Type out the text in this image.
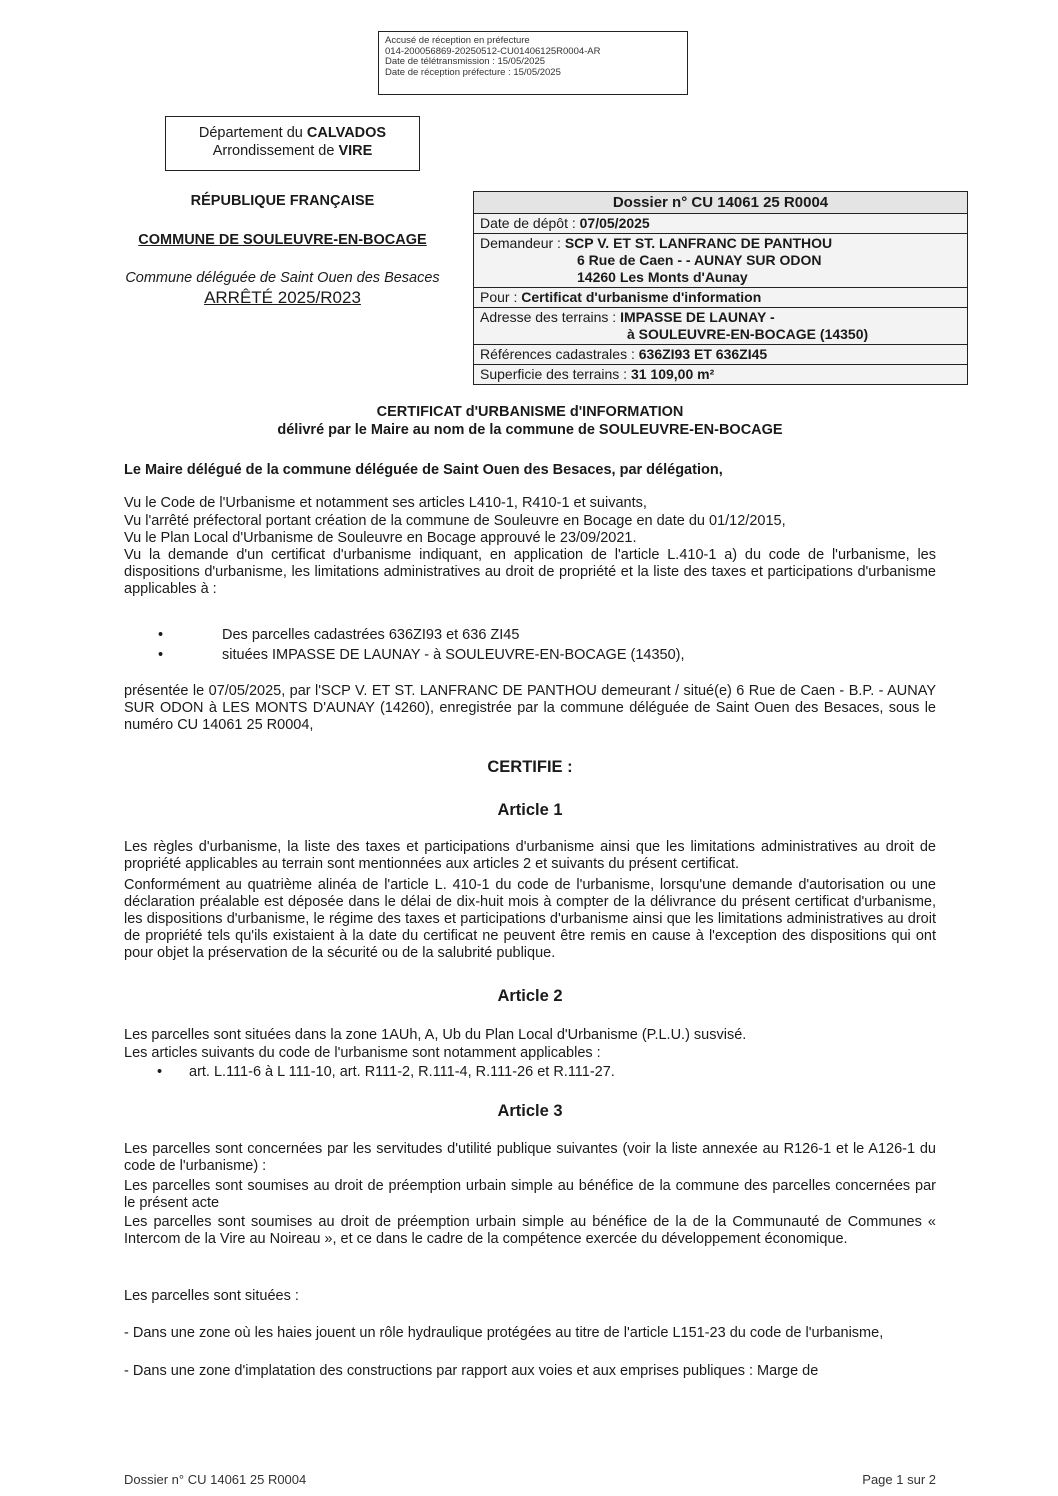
Accusé de réception en préfecture
014-200056869-20250512-CU01406125R0004-AR
Date de télétransmission : 15/05/2025
Date de réception préfecture : 15/05/2025
Département du CALVADOS
Arrondissement de VIRE
RÉPUBLIQUE FRANÇAISE
COMMUNE DE SOULEUVRE-EN-BOCAGE
Commune déléguée de Saint Ouen des Besaces
ARRÊTÉ 2025/R023
Dossier n° CU 14061 25 R0004
Date de dépôt : 07/05/2025
Demandeur : SCP V. ET ST. LANFRANC DE PANTHOU
6 Rue de Caen - - AUNAY SUR ODON
14260 Les Monts d'Aunay
Pour : Certificat d'urbanisme d'information
Adresse des terrains : IMPASSE DE LAUNAY -
à SOULEUVRE-EN-BOCAGE (14350)
Références cadastrales : 636ZI93 ET 636ZI45
Superficie des terrains : 31 109,00 m²
CERTIFICAT d'URBANISME d'INFORMATION
délivré par le Maire au nom de la commune de SOULEUVRE-EN-BOCAGE
Le Maire délégué de la commune déléguée de Saint Ouen des Besaces, par délégation,
Vu le Code de l'Urbanisme et notamment ses articles L410-1, R410-1 et suivants,
Vu l'arrêté préfectoral portant création de la commune de Souleuvre en Bocage en date du 01/12/2015,
Vu le Plan Local d'Urbanisme de Souleuvre en Bocage approuvé le 23/09/2021.
Vu la demande d'un certificat d'urbanisme indiquant, en application de l'article L.410-1 a) du code de l'urbanisme, les dispositions d'urbanisme, les limitations administratives au droit de propriété et la liste des taxes et participations d'urbanisme applicables à :
•	Des parcelles cadastrées 636ZI93 et 636 ZI45
•	situées IMPASSE DE LAUNAY - à SOULEUVRE-EN-BOCAGE (14350),
présentée le 07/05/2025, par l'SCP V. ET ST. LANFRANC DE PANTHOU demeurant / situé(e) 6 Rue de Caen - B.P. - AUNAY SUR ODON à LES MONTS D'AUNAY (14260), enregistrée par la commune déléguée de Saint Ouen des Besaces, sous le numéro CU 14061 25 R0004,
CERTIFIE :
Article 1
Les règles d'urbanisme, la liste des taxes et participations d'urbanisme ainsi que les limitations administratives au droit de propriété applicables au terrain sont mentionnées aux articles 2 et suivants du présent certificat.
Conformément au quatrième alinéa de l'article L. 410-1 du code de l'urbanisme, lorsqu'une demande d'autorisation ou une déclaration préalable est déposée dans le délai de dix-huit mois à compter de la délivrance du présent certificat d'urbanisme, les dispositions d'urbanisme, le régime des taxes et participations d'urbanisme ainsi que les limitations administratives au droit de propriété tels qu'ils existaient à la date du certificat ne peuvent être remis en cause à l'exception des dispositions qui ont pour objet la préservation de la sécurité ou de la salubrité publique.
Article 2
Les parcelles sont situées dans la zone 1AUh, A, Ub du Plan Local d'Urbanisme (P.L.U.) susvisé.
Les articles suivants du code de l'urbanisme sont notamment applicables :
• art. L.111-6 à L 111-10, art. R111-2, R.111-4, R.111-26 et R.111-27.
Article 3
Les parcelles sont concernées par les servitudes d'utilité publique suivantes (voir la liste annexée au R126-1 et le A126-1 du code de l'urbanisme) :
Les parcelles sont soumises au droit de préemption urbain simple au bénéfice de la commune des parcelles concernées par le présent acte
Les parcelles sont soumises au droit de préemption urbain simple au bénéfice de la de la Communauté de Communes « Intercom de la Vire au Noireau », et ce dans le cadre de la compétence exercée du développement économique.
Les parcelles sont situées :
- Dans une zone où les haies jouent un rôle hydraulique protégées au titre de l'article L151-23 du code de l'urbanisme,
- Dans une zone d'implatation des constructions par rapport aux voies et aux emprises publiques : Marge de
Dossier n° CU 14061 25 R0004	Page 1 sur 2
